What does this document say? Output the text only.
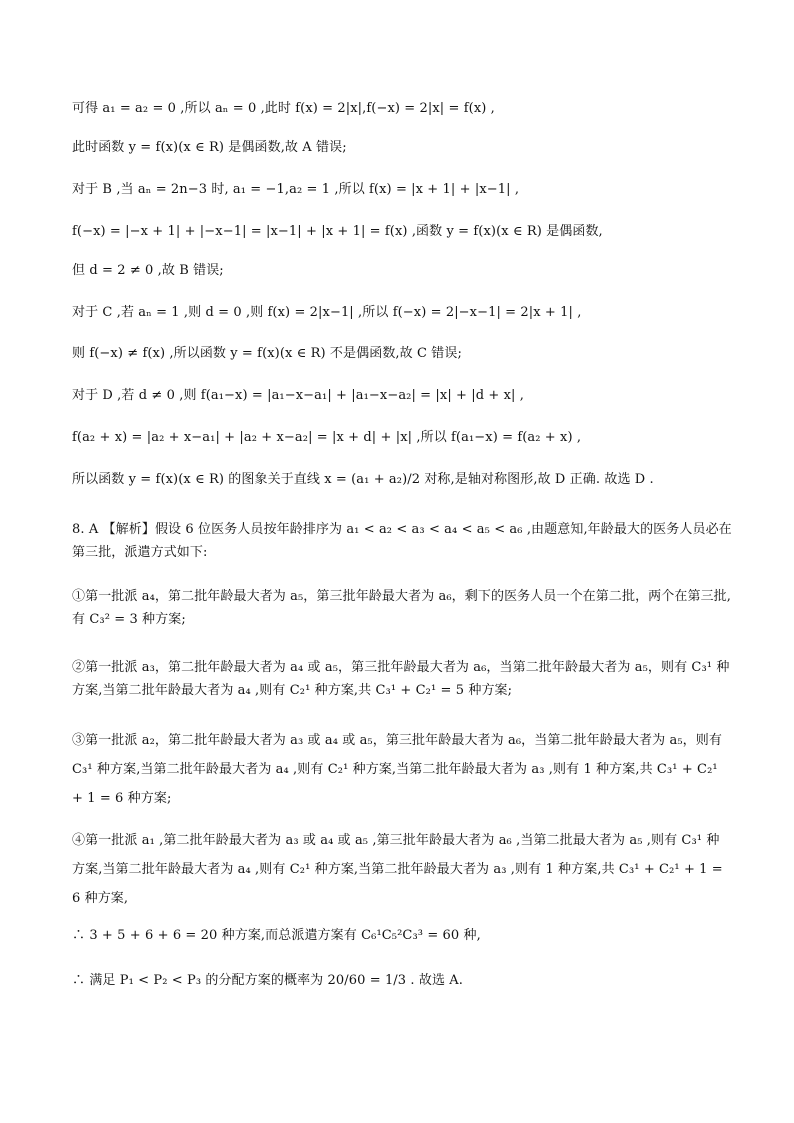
可得 a₁ = a₂ = 0 ,所以 aₙ = 0 ,此时 f(x) = 2|x|,f(−x) = 2|x| = f(x) ,
此时函数 y = f(x)(x ∈ R) 是偶函数,故 A 错误;
对于 B ,当 aₙ = 2n−3 时, a₁ = −1,a₂ = 1 ,所以 f(x) = |x + 1| + |x−1| ,
f(−x) = |−x + 1| + |−x−1| = |x−1| + |x + 1| = f(x) ,函数 y = f(x)(x ∈ R) 是偶函数,
但 d = 2 ≠ 0 ,故 B 错误;
对于 C ,若 aₙ = 1 ,则 d = 0 ,则 f(x) = 2|x−1| ,所以 f(−x) = 2|−x−1| = 2|x + 1| ,
则 f(−x) ≠ f(x) ,所以函数 y = f(x)(x ∈ R) 不是偶函数,故 C 错误;
对于 D ,若 d ≠ 0 ,则 f(a₁−x) = |a₁−x−a₁| + |a₁−x−a₂| = |x| + |d + x| ,
f(a₂ + x) = |a₂ + x−a₁| + |a₂ + x−a₂| = |x + d| + |x| ,所以 f(a₁−x) = f(a₂ + x) ,
所以函数 y = f(x)(x ∈ R) 的图象关于直线 x = (a₁ + a₂)/2 对称,是轴对称图形,故 D 正确. 故选 D .
8. A 【解析】假设 6 位医务人员按年龄排序为 a₁ < a₂ < a₃ < a₄ < a₅ < a₆ ,由题意知,年龄最大的医务人员必在第三批，派遣方式如下:
①第一批派 a₄，第二批年龄最大者为 a₅，第三批年龄最大者为 a₆，剩下的医务人员一个在第二批，两个在第三批,有 C₃² = 3 种方案;
②第一批派 a₃，第二批年龄最大者为 a₄ 或 a₅，第三批年龄最大者为 a₆，当第二批年龄最大者为 a₅，则有 C₃¹ 种方案,当第二批年龄最大者为 a₄ ,则有 C₂¹ 种方案,共 C₃¹ + C₂¹ = 5 种方案;
③第一批派 a₂，第二批年龄最大者为 a₃ 或 a₄ 或 a₅，第三批年龄最大者为 a₆，当第二批年龄最大者为 a₅，则有 C₃¹ 种方案,当第二批年龄最大者为 a₄ ,则有 C₂¹ 种方案,当第二批年龄最大者为 a₃ ,则有 1 种方案,共 C₃¹ + C₂¹ + 1 = 6 种方案;
④第一批派 a₁ ,第二批年龄最大者为 a₃ 或 a₄ 或 a₅ ,第三批年龄最大者为 a₆ ,当第二批最大者为 a₅ ,则有 C₃¹ 种方案,当第二批年龄最大者为 a₄ ,则有 C₂¹ 种方案,当第二批年龄最大者为 a₃ ,则有 1 种方案,共 C₃¹ + C₂¹ + 1 = 6 种方案,
∴ 3 + 5 + 6 + 6 = 20 种方案,而总派遣方案有 C₆¹C₅²C₃³ = 60 种,
∴ 满足 P₁ < P₂ < P₃ 的分配方案的概率为 20/60 = 1/3 . 故选 A.
